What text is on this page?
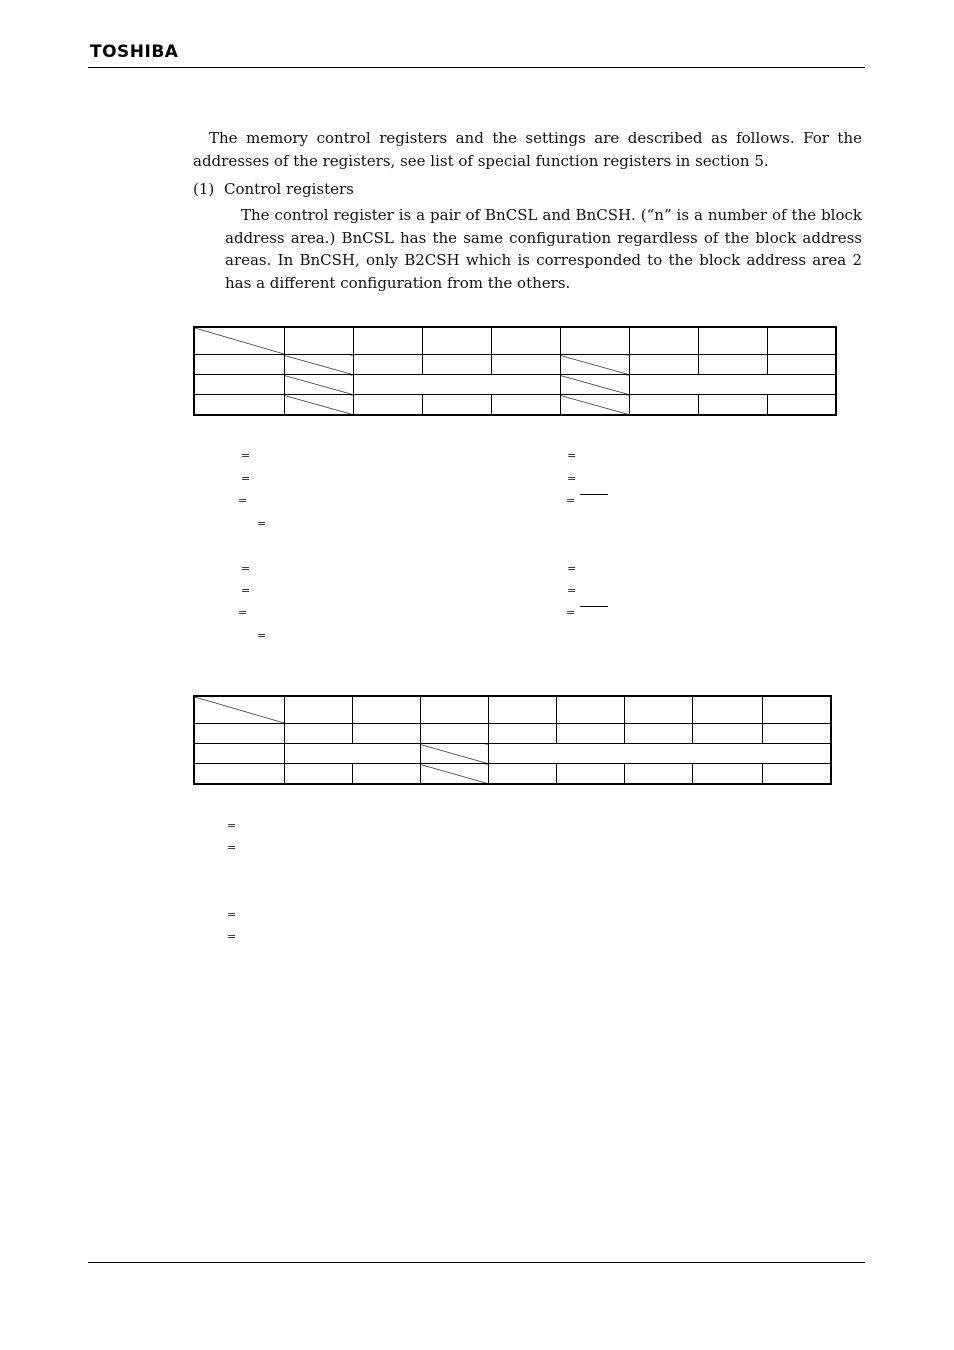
TOSHIBA

The memory control registers and the settings are described as follows. For the addresses of the registers, see list of special function registers in section 5.

(1) Control registers

The control register is a pair of BnCSL and BnCSH. (“n” is a number of the block address area.) BnCSL has the same configuration regardless of the block address areas. In BnCSH, only B2CSH which is corresponded to the block address area 2 has a different configuration from the others.

=
=
=
=
=
=
=
=
=
=
=
=
=
=

=
=
=
=
